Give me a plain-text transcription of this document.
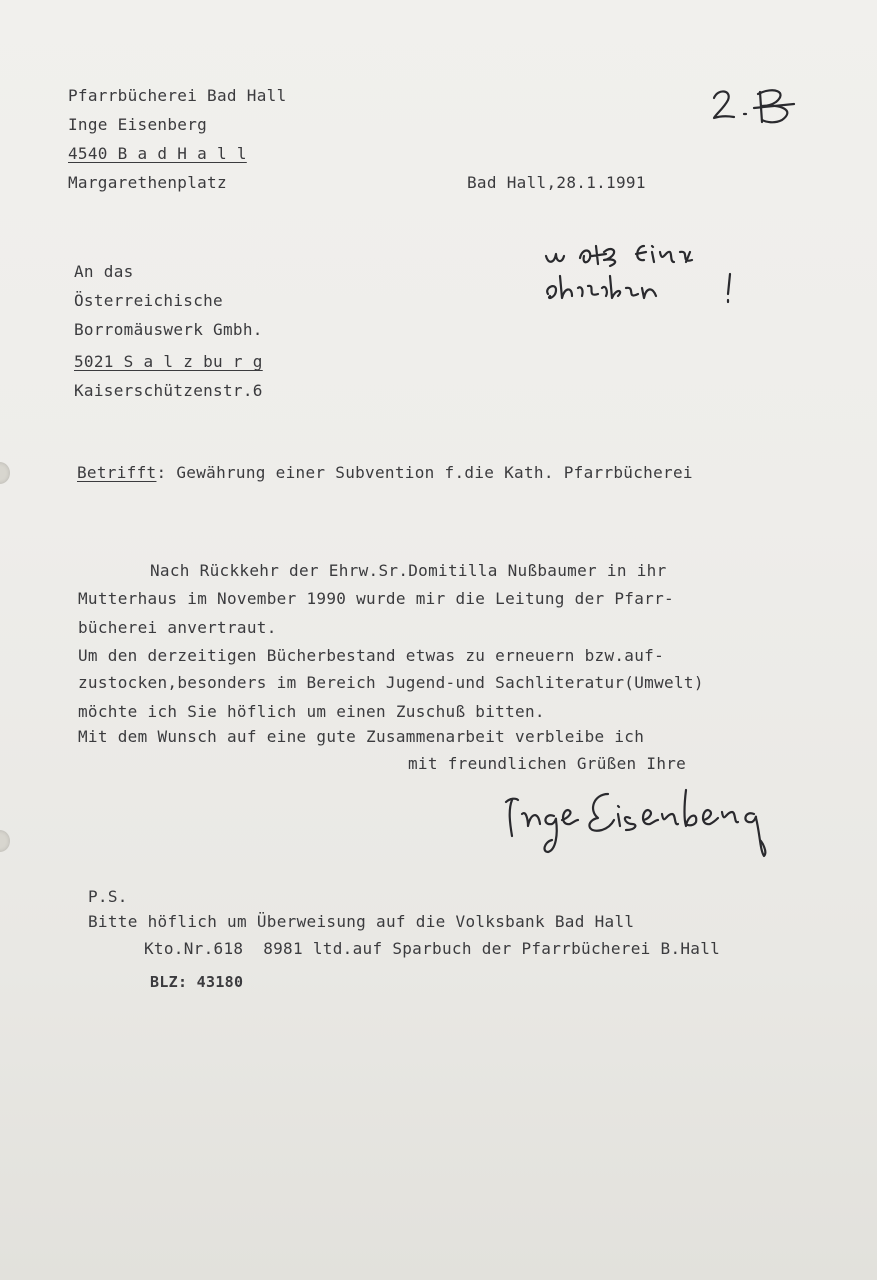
Pfarrbücherei Bad Hall
Inge Eisenberg
4540 B a d H a l l
Margarethenplatz	Bad Hall,28.1.1991
An das
Österreichische
Borromäuswerk Gmbh.
5021 S a l z bu r g
Kaiserschützenstr.6
Betrifft: Gewährung einer Subvention f.die Kath. Pfarrbücherei
Nach Rückkehr der Ehrw.Sr.Domitilla Nußbaumer in ihr
Mutterhaus im November 1990 wurde mir die Leitung der Pfarr-
bücherei anvertraut.
Um den derzeitigen Bücherbestand etwas zu erneuern bzw.auf-
zustocken,besonders im Bereich Jugend-und Sachliteratur(Umwelt)
möchte ich Sie höflich um einen Zuschuß bitten.
Mit dem Wunsch auf eine gute Zusammenarbeit verbleibe ich
mit freundlichen Grüßen Ihre
P.S.
Bitte höflich um Überweisung auf die Volksbank Bad Hall
Kto.Nr.618  8981 ltd.auf Sparbuch der Pfarrbücherei B.Hall
BLZ: 43180
